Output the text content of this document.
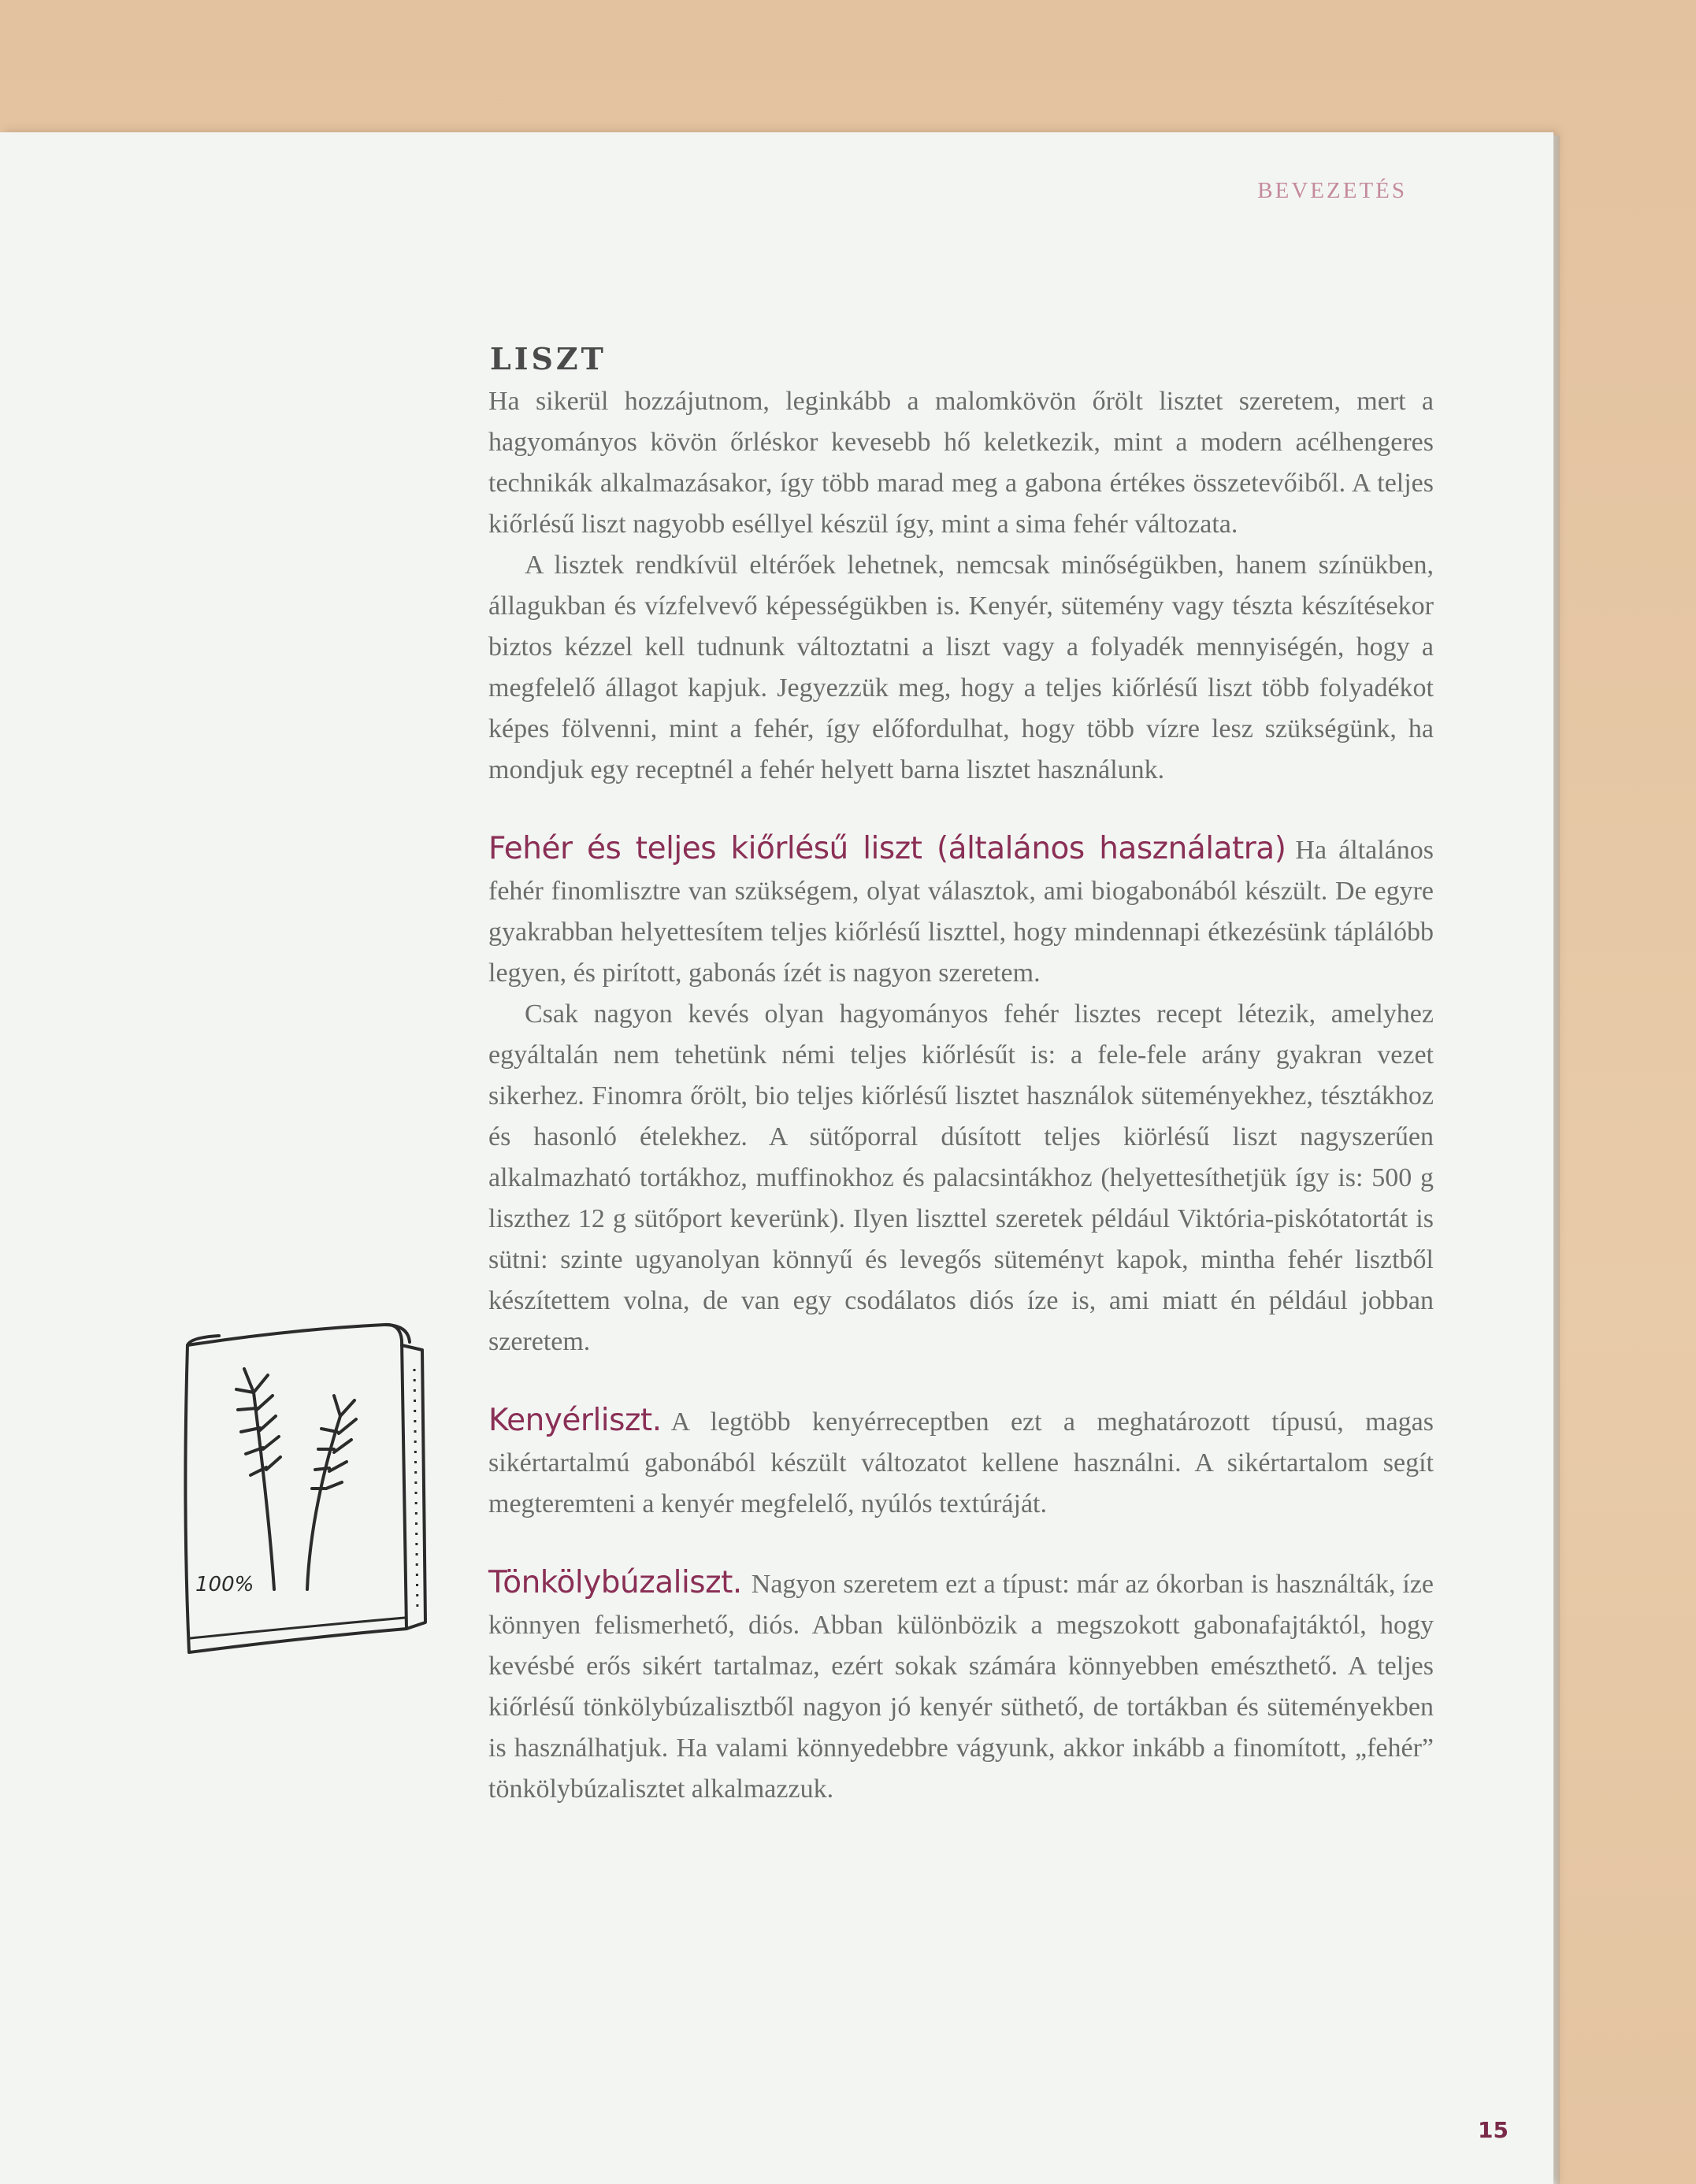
BEVEZETÉS
LISZT

Ha sikerül hozzájutnom, leginkább a malomkövön őrölt lisztet szeretem, mert a hagyományos kövön őrléskor kevesebb hő keletkezik, mint a modern acélhengeres technikák alkalmazásakor, így több marad meg a gabona értékes összetevőiből. A teljes kiőrlésű liszt nagyobb eséllyel készül így, mint a sima fehér változata.

A lisztek rendkívül eltérőek lehetnek, nemcsak minőségükben, hanem színükben, állagukban és vízfelvevő képességükben is. Kenyér, sütemény vagy tészta készítésekor biztos kézzel kell tudnunk változtatni a liszt vagy a folyadék mennyiségén, hogy a megfelelő állagot kapjuk. Jegyezzük meg, hogy a teljes kiőrlésű liszt több folyadékot képes fölvenni, mint a fehér, így előfordulhat, hogy több vízre lesz szükségünk, ha mondjuk egy receptnél a fehér helyett barna lisztet használunk.

Fehér és teljes kiőrlésű liszt (általános használatra) Ha általános fehér finomlisztre van szükségem, olyat választok, ami biogabonából készült. De egyre gyakrabban helyettesítem teljes kiőrlésű liszttel, hogy mindennapi étkezésünk táplálóbb legyen, és pirított, gabonás ízét is nagyon szeretem.

Csak nagyon kevés olyan hagyományos fehér lisztes recept létezik, amelyhez egyáltalán nem tehetünk némi teljes kiőrlésűt is: a fele-fele arány gyakran vezet sikerhez. Finomra őrölt, bio teljes kiőrlésű lisztet használok süteményekhez, tésztákhoz és hasonló ételekhez. A sütőporral dúsított teljes kiörlésű liszt nagyszerűen alkalmazható tortákhoz, muffinokhoz és palacsintákhoz (helyettesíthetjük így is: 500 g liszthez 12 g sütőport keverünk). Ilyen liszttel szeretek például Viktória-piskótatortát is sütni: szinte ugyanolyan könnyű és levegős süteményt kapok, mintha fehér lisztből készítettem volna, de van egy csodálatos diós íze is, ami miatt én például jobban szeretem.

Kenyérliszt. A legtöbb kenyérreceptben ezt a meghatározott típusú, magas sikértartalmú gabonából készült változatot kellene használni. A sikértartalom segít megteremteni a kenyér megfelelő, nyúlós textúráját.

Tönkölybúzaliszt. Nagyon szeretem ezt a típust: már az ókorban is használták, íze könnyen felismerhető, diós. Abban különbözik a megszokott gabonafajtáktól, hogy kevésbé erős sikért tartalmaz, ezért sokak számára könnyebben emészthető. A teljes kiőrlésű tönkölybúzalisztből nagyon jó kenyér süthető, de tortákban és süteményekben is használhatjuk. Ha valami könnyedebbre vágyunk, akkor inkább a finomított, „fehér” tönkölybúzalisztet alkalmazzuk.

100%
15
